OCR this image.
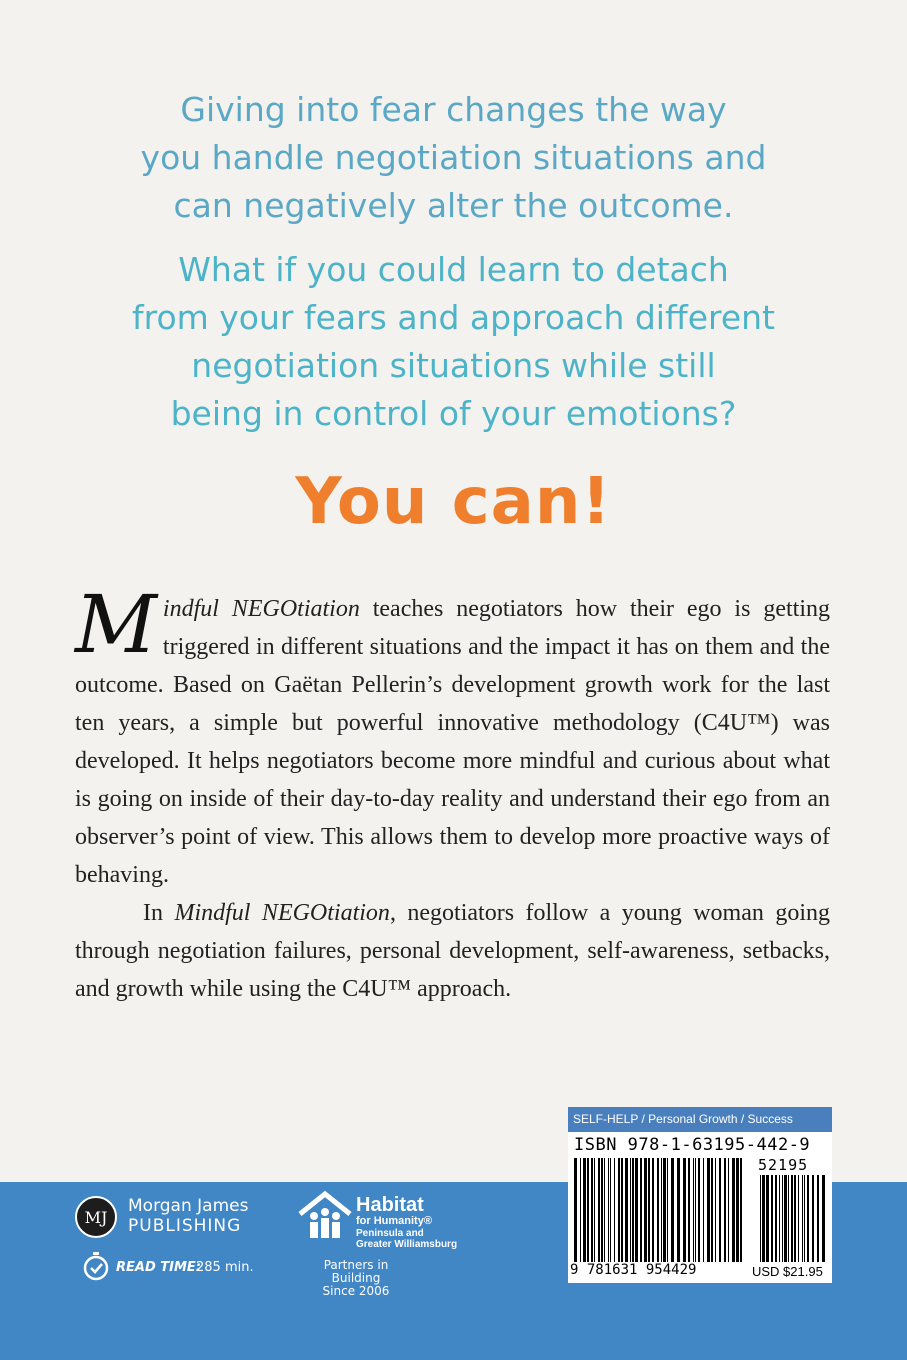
Giving into fear changes the way
you handle negotiation situations and
can negatively alter the outcome.
What if you could learn to detach
from your fears and approach different
negotiation situations while still
being in control of your emotions?
You can!

Mindful NEGOtiation teaches negotiators how their ego is getting triggered in different situations and the impact it has on them and the outcome. Based on Gaëtan Pellerin’s development growth work for the last ten years, a simple but powerful innovative methodology (C4U™) was developed. It helps negotiators become more mindful and curious about what is going on inside of their day-to-day reality and understand their ego from an observer’s point of view. This allows them to develop more proactive ways of behaving.

In Mindful NEGOtiation, negotiators follow a young woman going through negotiation failures, personal development, self-awareness, setbacks, and growth while using the C4U™ approach.

MJ
Morgan James
PUBLISHING
READ TIME:
285 min.
Habitat
for Humanity®
Peninsula and
Greater Williamsburg
Partners in Building
Since 2006
SELF-HELP / Personal Growth / Success
ISBN 978-1-63195-442-9
52195
9 781631 954429	USD $21.95
